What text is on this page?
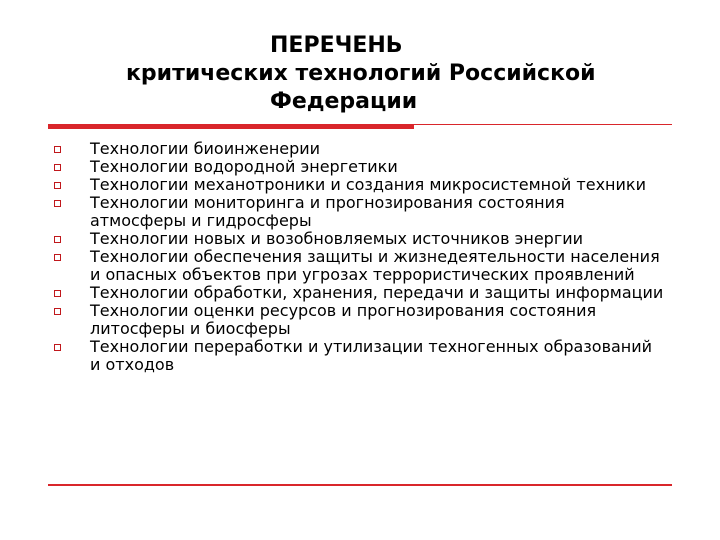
ПЕРЕЧЕНЬ
критических технологий Российской
Федерации
Технологии биоинженерии
Технологии водородной энергетики
Технологии механотроники и создания микросистемной техники
Технологии мониторинга и прогнозирования состояния атмосферы и гидросферы
Технологии новых и возобновляемых источников энергии
Технологии обеспечения защиты и жизнедеятельности населения и опасных объектов при угрозах террористических проявлений
Технологии обработки, хранения, передачи и защиты информации
Технологии оценки ресурсов и прогнозирования состояния литосферы и биосферы
Технологии переработки и утилизации техногенных образований и отходов
